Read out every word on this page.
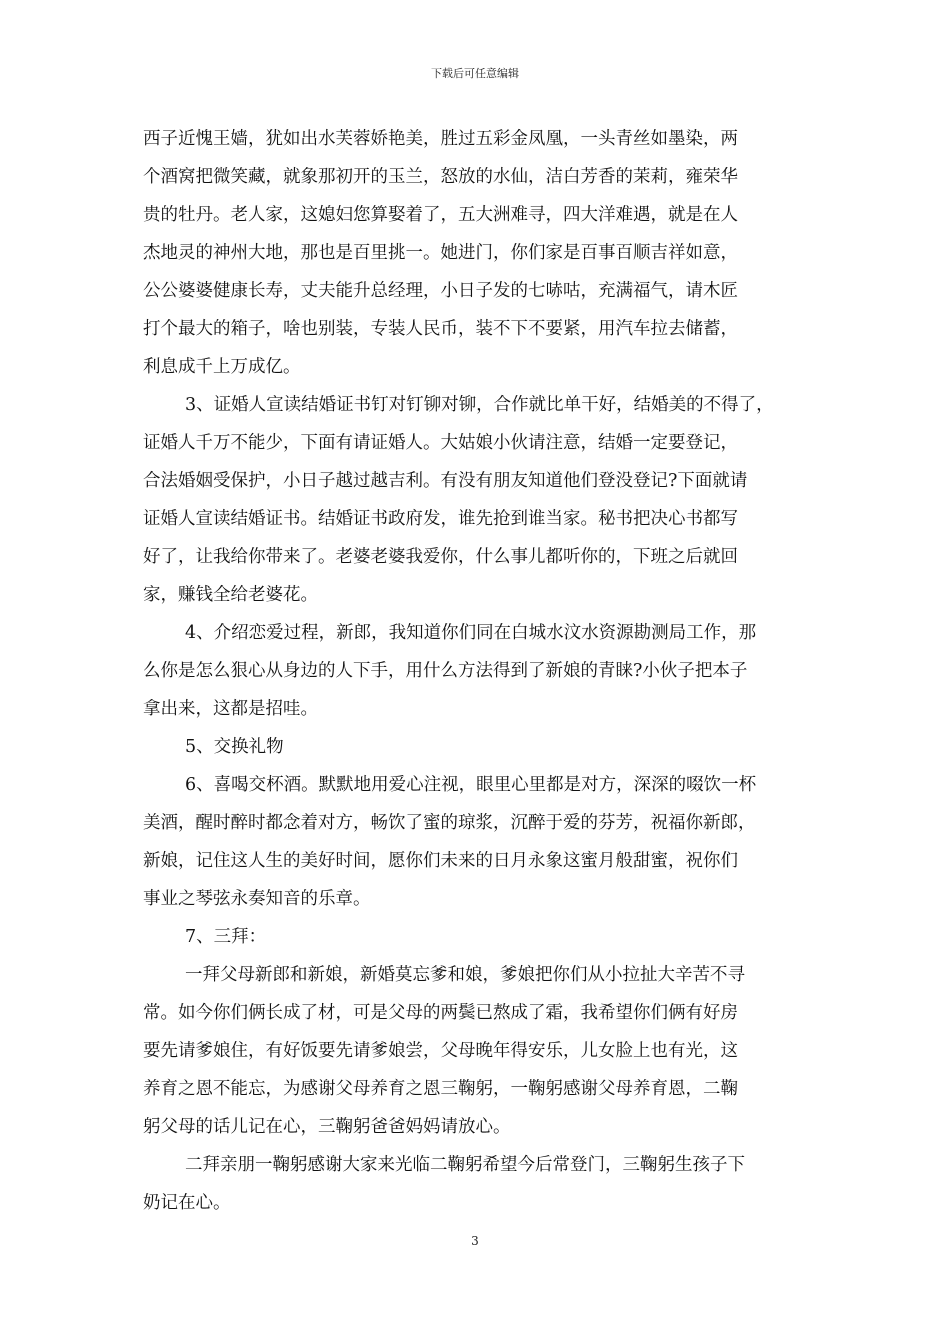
下载后可任意编辑
西子近愧王嫱，犹如出水芙蓉娇艳美，胜过五彩金凤凰，一头青丝如墨染，两
个酒窝把微笑藏，就象那初开的玉兰，怒放的水仙，洁白芳香的茉莉，雍荣华
贵的牡丹。老人家，这媳妇您算娶着了，五大洲难寻，四大洋难遇，就是在人
杰地灵的神州大地，那也是百里挑一。她进门，你们家是百事百顺吉祥如意，
公公婆婆健康长寿，丈夫能升总经理，小日子发的七哧咕，充满福气，请木匠
打个最大的箱子，啥也别装，专装人民币，装不下不要紧，用汽车拉去储蓄，
利息成千上万成亿。
3、证婚人宣读结婚证书钉对钉铆对铆，合作就比单干好，结婚美的不得了，
证婚人千万不能少，下面有请证婚人。大姑娘小伙请注意，结婚一定要登记，
合法婚姻受保护，小日子越过越吉利。有没有朋友知道他们登没登记?下面就请
证婚人宣读结婚证书。结婚证书政府发，谁先抢到谁当家。秘书把决心书都写
好了，让我给你带来了。老婆老婆我爱你，什么事儿都听你的，下班之后就回
家，赚钱全给老婆花。
4、介绍恋爱过程，新郎，我知道你们同在白城水汶水资源勘测局工作，那
么你是怎么狠心从身边的人下手，用什么方法得到了新娘的青睐?小伙子把本子
拿出来，这都是招哇。
5、交换礼物
6、喜喝交杯酒。默默地用爱心注视，眼里心里都是对方，深深的啜饮一杯
美酒，醒时醉时都念着对方，畅饮了蜜的琼浆，沉醉于爱的芬芳，祝福你新郎，
新娘，记住这人生的美好时间，愿你们未来的日月永象这蜜月般甜蜜，祝你们
事业之琴弦永奏知音的乐章。
7、三拜：
一拜父母新郎和新娘，新婚莫忘爹和娘，爹娘把你们从小拉扯大辛苦不寻
常。如今你们俩长成了材，可是父母的两鬓已熬成了霜，我希望你们俩有好房
要先请爹娘住，有好饭要先请爹娘尝，父母晚年得安乐，儿女脸上也有光，这
养育之恩不能忘，为感谢父母养育之恩三鞠躬，一鞠躬感谢父母养育恩，二鞠
躬父母的话儿记在心，三鞠躬爸爸妈妈请放心。
二拜亲朋一鞠躬感谢大家来光临二鞠躬希望今后常登门，三鞠躬生孩子下
奶记在心。
3
